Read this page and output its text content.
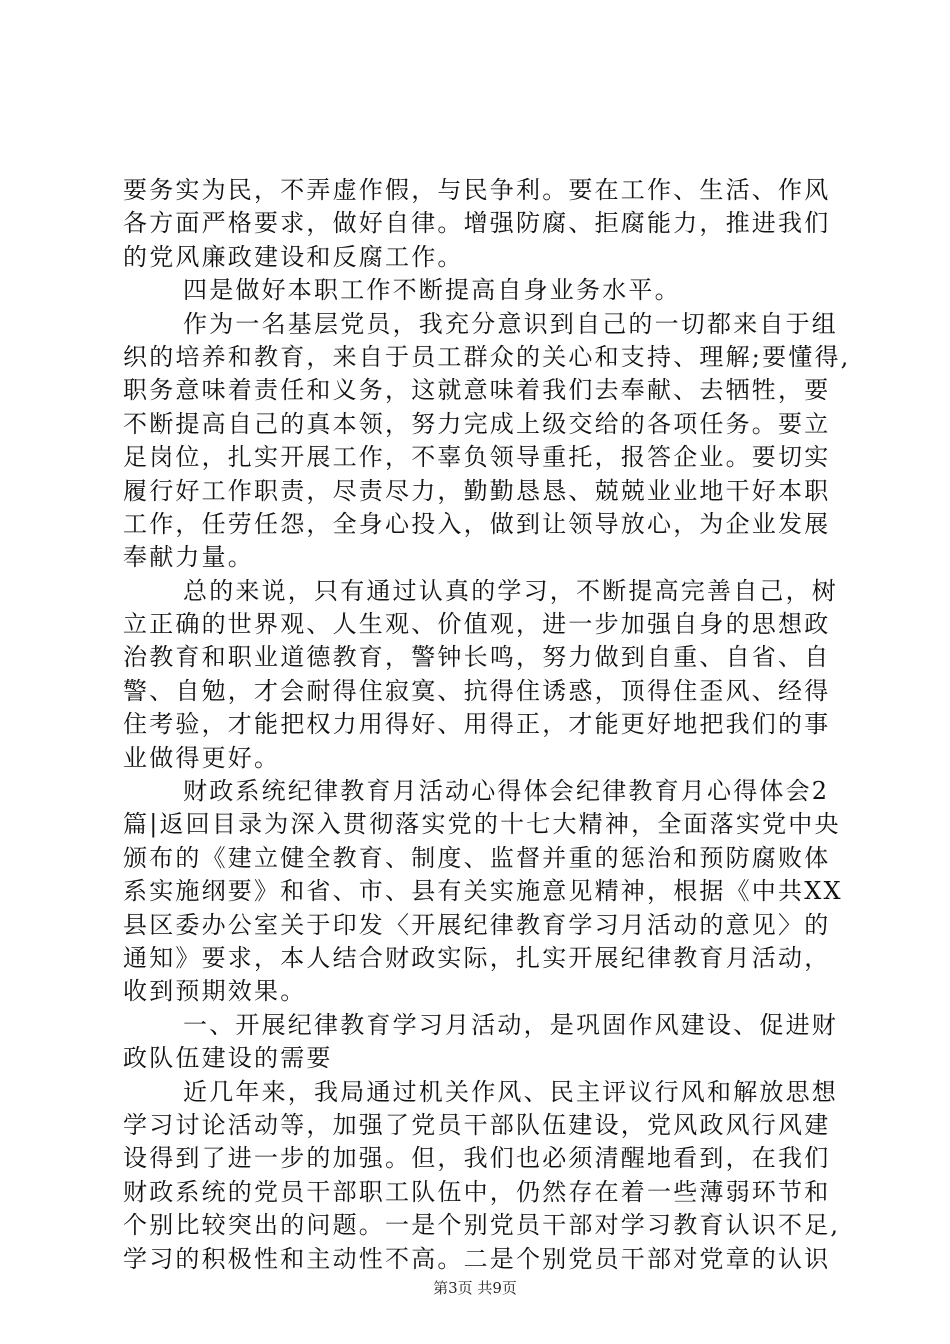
要务实为民，不弄虚作假，与民争利。要在工作、生活、作风
各方面严格要求，做好自律。增强防腐、拒腐能力，推进我们
的党风廉政建设和反腐工作。
四是做好本职工作不断提高自身业务水平。
作为一名基层党员，我充分意识到自己的一切都来自于组
织的培养和教育，来自于员工群众的关心和支持、理解;要懂得,
职务意味着责任和义务，这就意味着我们去奉献、去牺牲，要
不断提高自己的真本领，努力完成上级交给的各项任务。要立
足岗位，扎实开展工作，不辜负领导重托，报答企业。要切实
履行好工作职责，尽责尽力，勤勤恳恳、兢兢业业地干好本职
工作，任劳任怨，全身心投入，做到让领导放心，为企业发展
奉献力量。
总的来说，只有通过认真的学习，不断提高完善自己，树
立正确的世界观、人生观、价值观，进一步加强自身的思想政
治教育和职业道德教育，警钟长鸣，努力做到自重、自省、自
警、自勉，才会耐得住寂寞、抗得住诱惑，顶得住歪风、经得
住考验，才能把权力用得好、用得正，才能更好地把我们的事
业做得更好。
财政系统纪律教育月活动心得体会纪律教育月心得体会2
篇|返回目录为深入贯彻落实党的十七大精神，全面落实党中央
颁布的《建立健全教育、制度、监督并重的惩治和预防腐败体
系实施纲要》和省、市、县有关实施意见精神，根据《中共XX
县区委办公室关于印发〈开展纪律教育学习月活动的意见〉的
通知》要求，本人结合财政实际，扎实开展纪律教育月活动，
收到预期效果。
一、开展纪律教育学习月活动，是巩固作风建设、促进财
政队伍建设的需要
近几年来，我局通过机关作风、民主评议行风和解放思想
学习讨论活动等，加强了党员干部队伍建设，党风政风行风建
设得到了进一步的加强。但，我们也必须清醒地看到，在我们
财政系统的党员干部职工队伍中，仍然存在着一些薄弱环节和
个别比较突出的问题。一是个别党员干部对学习教育认识不足,
学习的积极性和主动性不高。二是个别党员干部对党章的认识
第3页 共9页
